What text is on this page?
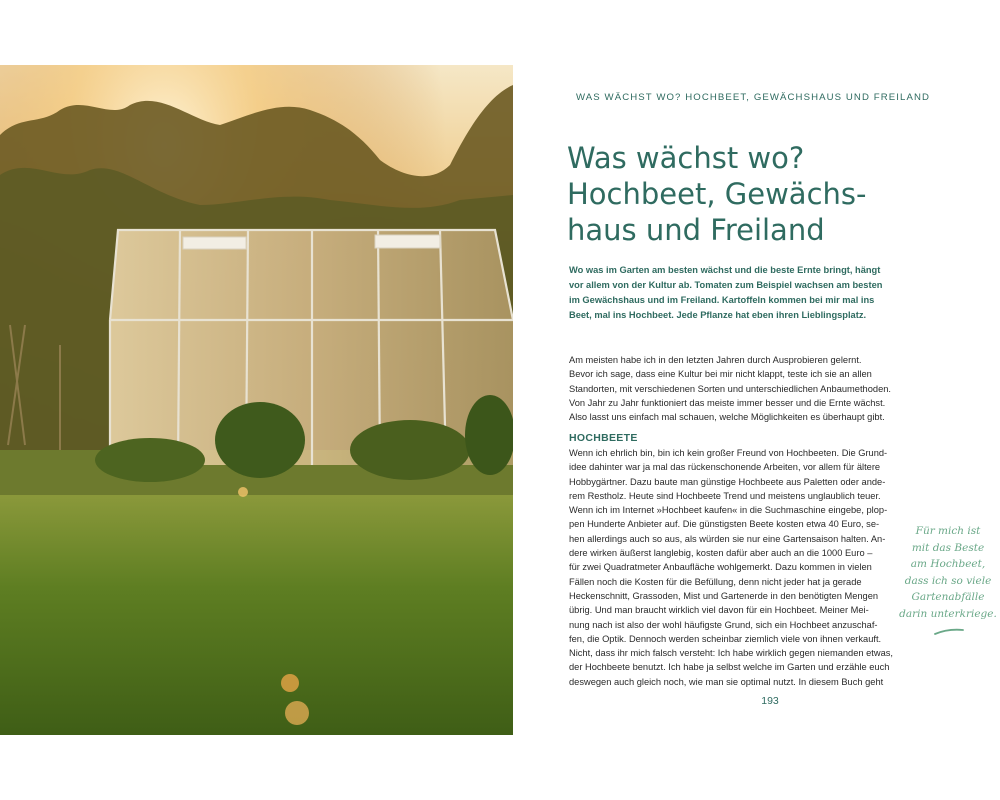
WAS WÄCHST WO? HOCHBEET, GEWÄCHSHAUS UND FREILAND
Was wächst wo?
Hochbeet, Gewächs-
haus und Freiland
Wo was im Garten am besten wächst und die beste Ernte bringt, hängt
vor allem von der Kultur ab. Tomaten zum Beispiel wachsen am besten
im Gewächshaus und im Freiland. Kartoffeln kommen bei mir mal ins
Beet, mal ins Hochbeet. Jede Pflanze hat eben ihren Lieblingsplatz.
Am meisten habe ich in den letzten Jahren durch Ausprobieren gelernt.
Bevor ich sage, dass eine Kultur bei mir nicht klappt, teste ich sie an allen
Standorten, mit verschiedenen Sorten und unterschiedlichen Anbaumethoden.
Von Jahr zu Jahr funktioniert das meiste immer besser und die Ernte wächst.
Also lasst uns einfach mal schauen, welche Möglichkeiten es überhaupt gibt.
HOCHBEETE
Wenn ich ehrlich bin, bin ich kein großer Freund von Hochbeeten. Die Grund-
idee dahinter war ja mal das rückenschonende Arbeiten, vor allem für ältere
Hobbygärtner. Dazu baute man günstige Hochbeete aus Paletten oder ande-
rem Restholz. Heute sind Hochbeete Trend und meistens unglaublich teuer.
Wenn ich im Internet »Hochbeet kaufen« in die Suchmaschine eingebe, plop-
pen Hunderte Anbieter auf. Die günstigsten Beete kosten etwa 40 Euro, se-
hen allerdings auch so aus, als würden sie nur eine Gartensaison halten. An-
dere wirken äußerst langlebig, kosten dafür aber auch an die 1000 Euro –
für zwei Quadratmeter Anbaufläche wohlgemerkt. Dazu kommen in vielen
Fällen noch die Kosten für die Befüllung, denn nicht jeder hat ja gerade
Heckenschnitt, Grassoden, Mist und Gartenerde in den benötigten Mengen
übrig. Und man braucht wirklich viel davon für ein Hochbeet. Meiner Mei-
nung nach ist also der wohl häufigste Grund, sich ein Hochbeet anzuschaf-
fen, die Optik. Dennoch werden scheinbar ziemlich viele von ihnen verkauft.
Nicht, dass ihr mich falsch versteht: Ich habe wirklich gegen niemanden etwas,
der Hochbeete benutzt. Ich habe ja selbst welche im Garten und erzähle euch
deswegen auch gleich noch, wie man sie optimal nutzt. In diesem Buch geht
Für mich ist
mit das Beste
am Hochbeet,
dass ich so viele
Gartenabfälle
darin unterkriege.
193
